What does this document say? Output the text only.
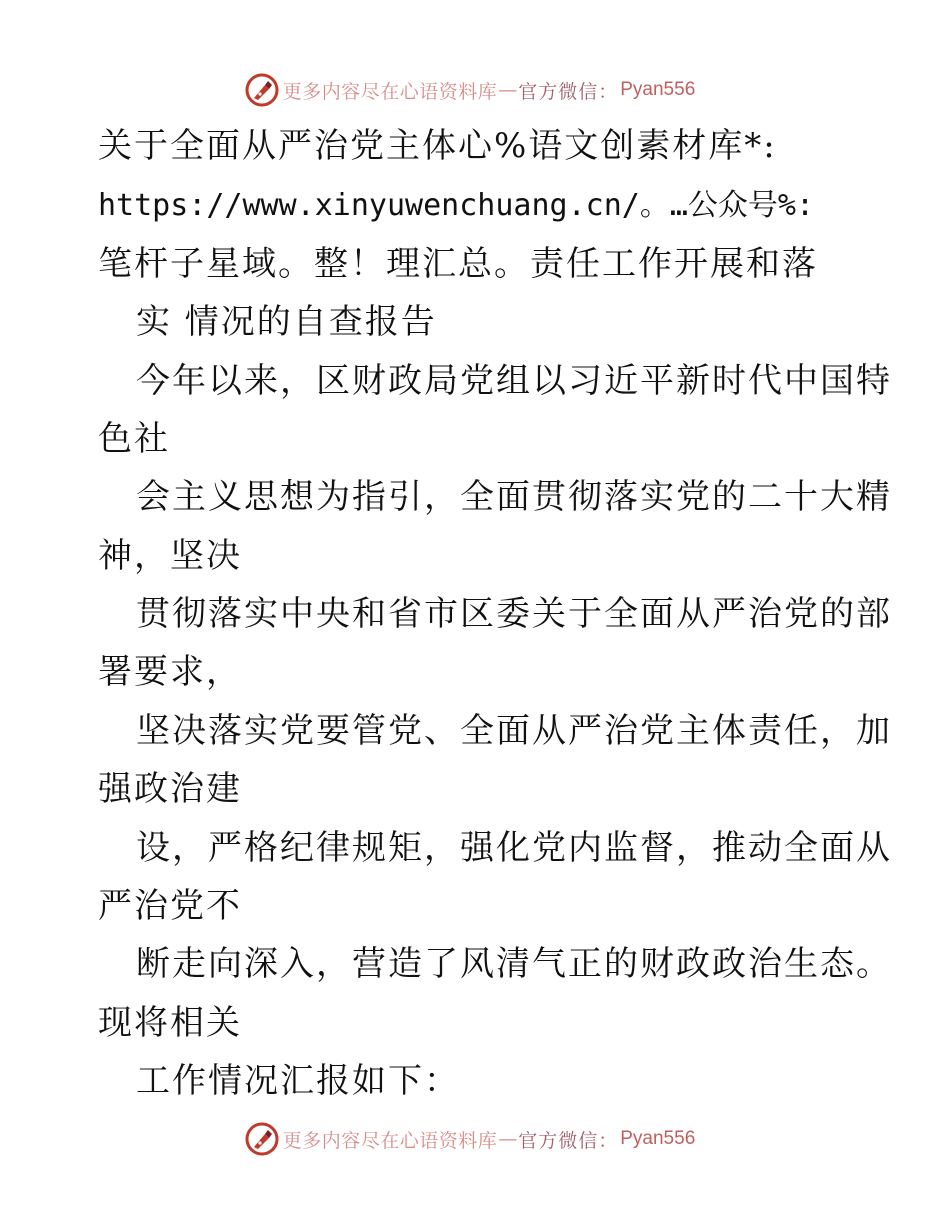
更多内容尽在心语资料库 — 官方微信： Pyan556
关于全面从严治党主体心%语文创素材库*:
https://www.xinyuwenchuang.cn/。…公众号%:
笔杆子星域。整！理汇总。责任工作开展和落
实 情况的自查报告
今年以来，区财政局党组以习近平新时代中国特
色社
会主义思想为指引，全面贯彻落实党的二十大精
神，坚决
贯彻落实中央和省市区委关于全面从严治党的部
署要求，
坚决落实党要管党、全面从严治党主体责任，加
强政治建
设，严格纪律规矩，强化党内监督，推动全面从
严治党不
断走向深入，营造了风清气正的财政政治生态。
现将相关
工作情况汇报如下：
更多内容尽在心语资料库 — 官方微信： Pyan556
